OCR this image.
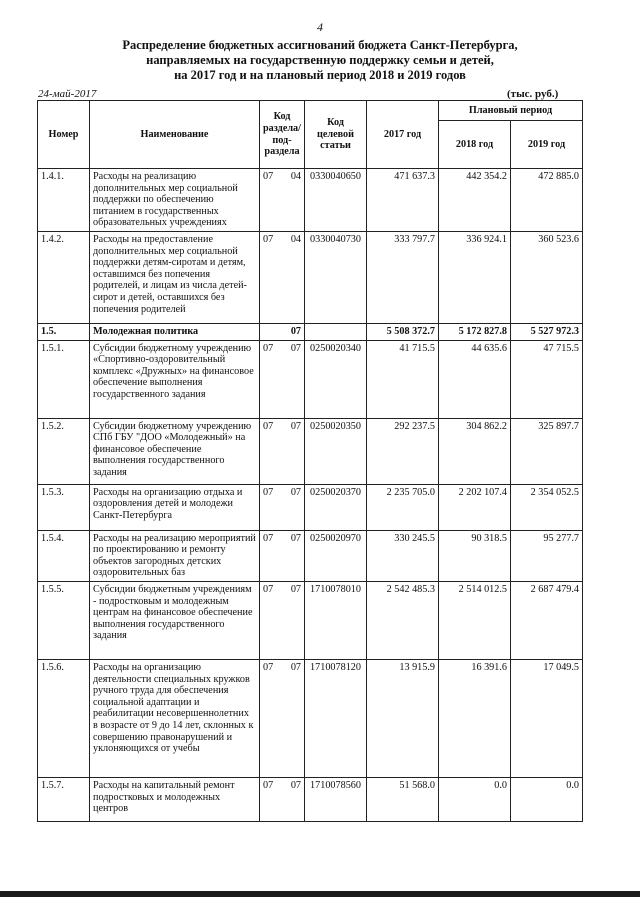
4
Распределение бюджетных ассигнований бюджета Санкт-Петербурга,
направляемых на государственную поддержку семьи и детей,
на 2017 год и на плановый период 2018 и 2019 годов
24-май-2017	(тыс. руб.)
Номер	Наименование	Код раздела/ под-раздела	Код целевой статьи	2017 год	Плановый период	
					2018 год	2019 год
1.4.1.	Расходы на реализацию дополнительных мер социальной поддержки по обеспечению питанием в государственных образовательных учреждениях	07 04	0330040650	471 637.3	442 354.2	472 885.0
1.4.2.	Расходы на предоставление дополнительных мер социальной поддержки детям-сиротам и детям, оставшимся без попечения родителей, и лицам из числа детей-сирот и детей, оставшихся без попечения родителей	07 04	0330040730	333 797.7	336 924.1	360 523.6
1.5.	Молодежная политика	07		5 508 372.7	5 172 827.8	5 527 972.3
1.5.1.	Субсидии бюджетному учреждению «Спортивно-оздоровительный комплекс «Дружных» на финансовое обеспечение выполнения государственного задания	07 07	0250020340	41 715.5	44 635.6	47 715.5
1.5.2.	Субсидии бюджетному учреждению СПб ГБУ "ДОО «Молодежный» на финансовое обеспечение выполнения государственного задания	07 07	0250020350	292 237.5	304 862.2	325 897.7
1.5.3.	Расходы на организацию отдыха и оздоровления детей и молодежи Санкт-Петербурга	07 07	0250020370	2 235 705.0	2 202 107.4	2 354 052.5
1.5.4.	Расходы на реализацию мероприятий по проектированию и ремонту объектов загородных детских оздоровительных баз	07 07	0250020970	330 245.5	90 318.5	95 277.7
1.5.5.	Субсидии бюджетным учреждениям - подростковым и молодежным центрам на финансовое обеспечение выполнения государственного задания	07 07	1710078010	2 542 485.3	2 514 012.5	2 687 479.4
1.5.6.	Расходы на организацию деятельности специальных кружков ручного труда для обеспечения социальной адаптации и реабилитации несовершеннолетних в возрасте от 9 до 14 лет, склонных к совершению правонарушений и уклоняющихся от учебы	07 07	1710078120	13 915.9	16 391.6	17 049.5
1.5.7.	Расходы на капитальный ремонт подростковых и молодежных центров	07 07	1710078560	51 568.0	0.0	0.0
